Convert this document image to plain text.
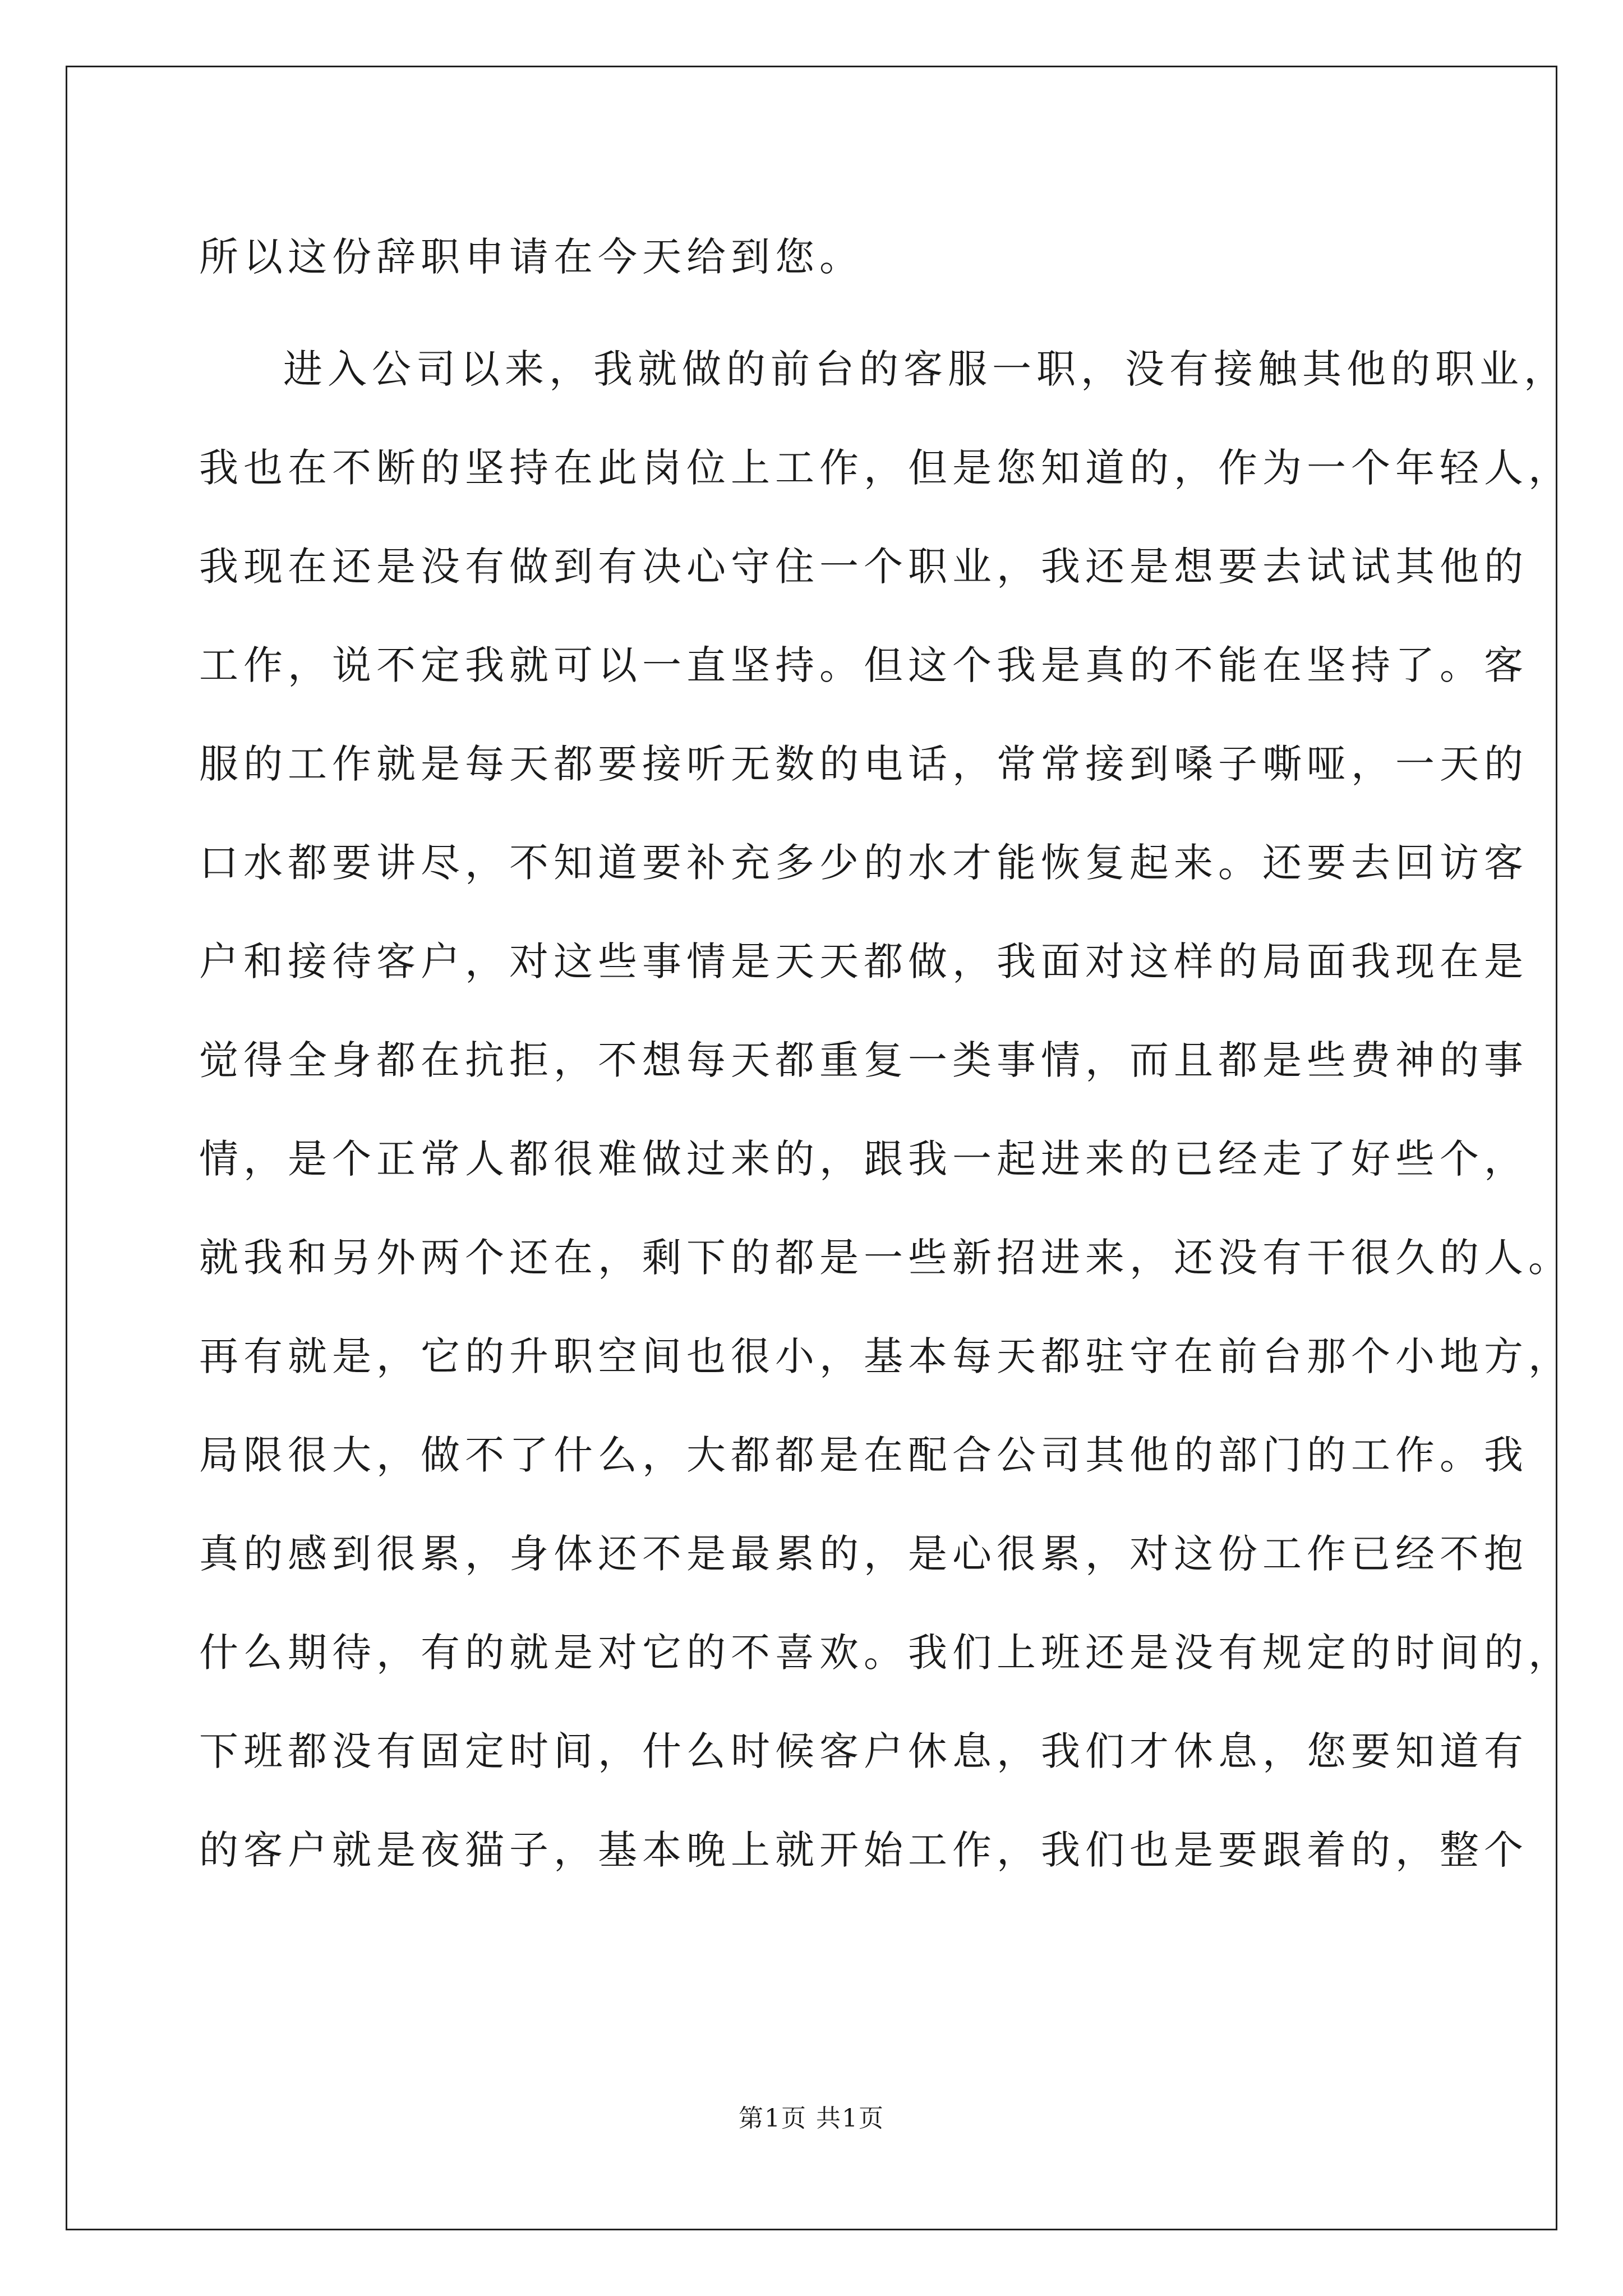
所以这份辞职申请在今天给到您。
进入公司以来，我就做的前台的客服一职，没有接触其他的职业，
我也在不断的坚持在此岗位上工作，但是您知道的，作为一个年轻人，
我现在还是没有做到有决心守住一个职业，我还是想要去试试其他的
工作，说不定我就可以一直坚持。但这个我是真的不能在坚持了。客
服的工作就是每天都要接听无数的电话，常常接到嗓子嘶哑，一天的
口水都要讲尽，不知道要补充多少的水才能恢复起来。还要去回访客
户和接待客户，对这些事情是天天都做，我面对这样的局面我现在是
觉得全身都在抗拒，不想每天都重复一类事情，而且都是些费神的事
情，是个正常人都很难做过来的，跟我一起进来的已经走了好些个，
就我和另外两个还在，剩下的都是一些新招进来，还没有干很久的人。
再有就是，它的升职空间也很小，基本每天都驻守在前台那个小地方，
局限很大，做不了什么，大都都是在配合公司其他的部门的工作。我
真的感到很累，身体还不是最累的，是心很累，对这份工作已经不抱
什么期待，有的就是对它的不喜欢。我们上班还是没有规定的时间的，
下班都没有固定时间，什么时候客户休息，我们才休息，您要知道有
的客户就是夜猫子，基本晚上就开始工作，我们也是要跟着的，整个
第1页 共1页
